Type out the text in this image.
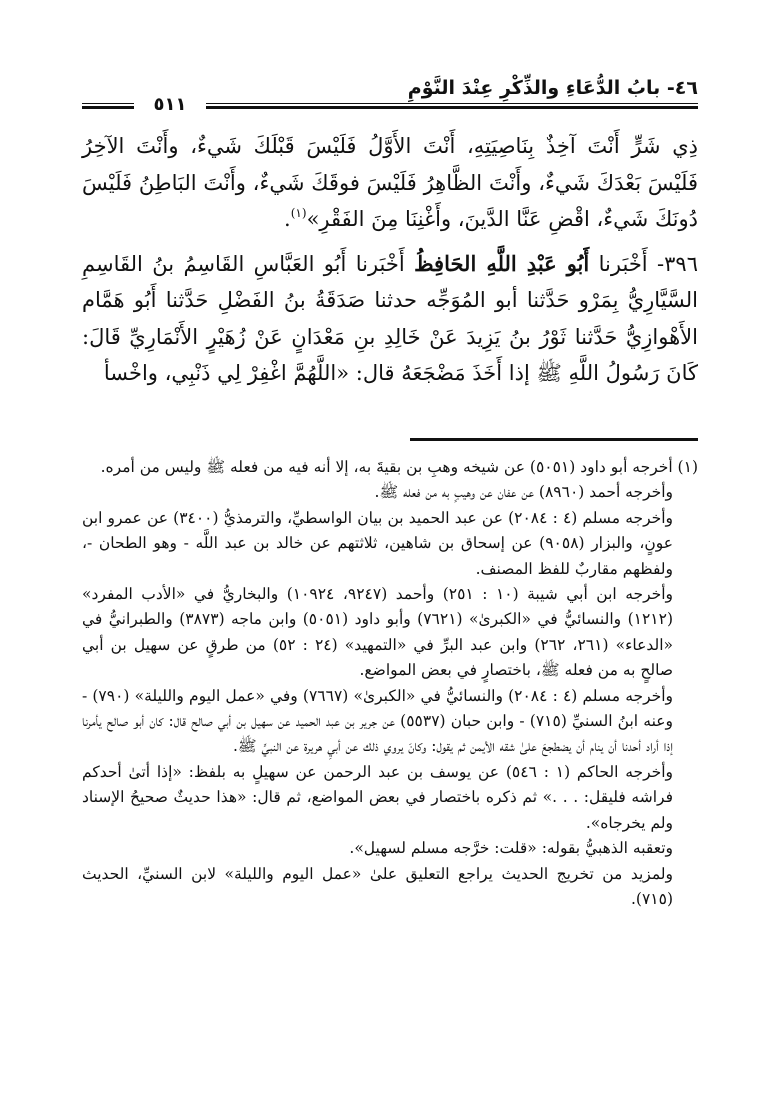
٤٦- بابُ الدُّعَاءِ والذِّكْرِ عِنْدَ النَّوْمِ
٥١١

ذِي شَرٍّ أَنْتَ آخِذٌ بِنَاصِيَتِهِ، أَنْتَ الأَوَّلُ فَلَيْسَ قَبْلَكَ شَيءٌ، وأَنْتَ الآخِرُ فَلَيْسَ بَعْدَكَ شَيءٌ، وأَنْتَ الظَّاهِرُ فَلَيْسَ فوقَكَ شَيءٌ، وأَنْتَ البَاطِنُ فَلَيْسَ دُونَكَ شَيءٌ، اقْضِ عَنَّا الدَّينَ، وأَغْنِنَا مِنَ الفَقْرِ»$^{(١)}$.

٣٩٦- أَخْبَرنا أَبُو عَبْدِ اللَّهِ الحَافِظُ أَخْبَرنا أَبُو العَبَّاسِ القَاسِمُ بنُ القَاسِمِ السَّيَّارِيُّ بِمَرْو حَدَّثنا أبو المُوَجِّه حدثنا صَدَقَةُ بنُ الفَضْلِ حَدَّثنا أَبُو هَمَّام الأَهْوازِيُّ حَدَّثنا ثَوْرُ بنُ يَزِيدَ عَنْ خَالِدِ بنِ مَعْدَانٍ عَنْ زُهَيْرٍ الأَنْمَارِيِّ قَالَ: كَانَ رَسُولُ اللَّهِ ﷺ إذا أَخَذَ مَضْجَعَهُ قال: «اللَّهُمَّ اغْفِرْ لِي ذَنْبِي، واخْسأ

(١) أخرجه أبو داود (٥٠٥١) عن شيخه وهبِ بن بقيةَ به، إلا أنه فيه من فعله ﷺ وليس من أمره.

وأخرجه أحمد (٨٩٦٠) عن عفان عن وهيبٍ به من فعله ﷺ.

وأخرجه مسلم (٤ : ٢٠٨٤) عن عبد الحميد بن بيان الواسطيِّ، والترمذيُّ (٣٤٠٠) عن عمرو ابن عونٍ، والبزار (٩٠٥٨) عن إسحاق بن شاهين، ثلاثتهم عن خالد بن عبد اللَّه - وهو الطحان -، ولفظهم مقاربٌ للفظ المصنف.

وأخرجه ابن أبي شيبة (١٠ : ٢٥١) وأحمد (٩٢٤٧، ١٠٩٢٤) والبخاريُّ في «الأدب المفرد» (١٢١٢) والنسائيُّ في «الكبرىٰ» (٧٦٢١) وأبو داود (٥٠٥١) وابن ماجه (٣٨٧٣) والطبرانيُّ في «الدعاء» (٢٦١، ٢٦٢) وابن عبد البرِّ في «التمهيد» (٢٤ : ٥٢) من طرقٍ عن سهيل بن أبي صالحٍ به من فعله ﷺ، باختصارٍ في بعض المواضع.

وأخرجه مسلم (٤ : ٢٠٨٤) والنسائيُّ في «الكبرىٰ» (٧٦٦٧) وفي «عمل اليوم والليلة» (٧٩٠) - وعنه ابنُ السنيِّ (٧١٥) - وابن حبان (٥٥٣٧) عن جرير بن عبد الحميد عن سهيل بن أبي صالح قال: كان أبو صالح يأمرنا إذا أراد أحدنا أن ينام أن يضطجعَ علىٰ شقه الأيمن ثم يقول: وكانَ يروي ذلك عن أبيِ هريرة عن النبيِّ ﷺ.

وأخرجه الحاكم (١ : ٥٤٦) عن يوسف بن عبد الرحمن عن سهيلٍ به بلفظ: «إذا أتىٰ أحدكم فراشه فليقل: . . .» ثم ذكره باختصار في بعض المواضع، ثم قال: «هذا حديثٌ صحيحُ الإسناد ولم يخرجاه».

وتعقبه الذهبيُّ بقوله: «قلت: خرَّجه مسلم لسهيل».

ولمزيد من تخريج الحديث يراجع التعليق علىٰ «عمل اليوم والليلة» لابن السنيِّ، الحديث (٧١٥).
